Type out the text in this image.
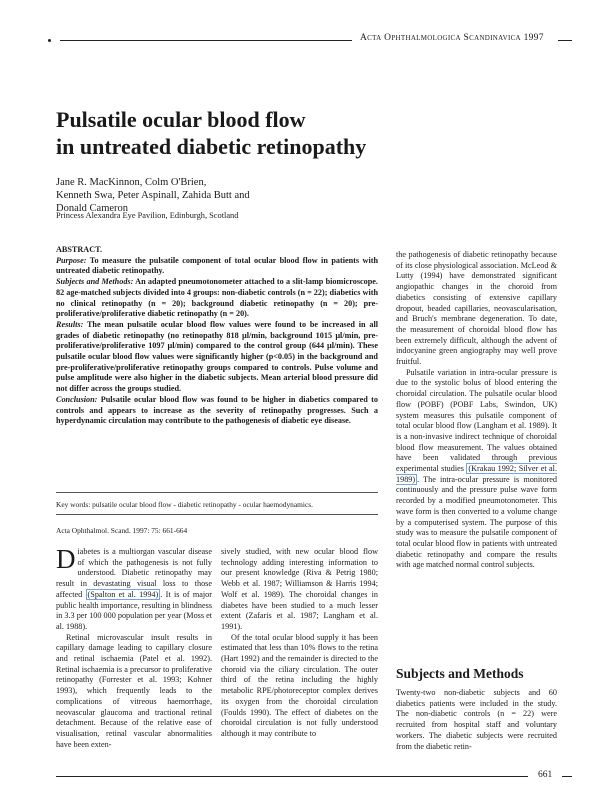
Acta Ophthalmologica Scandinavica 1997
Pulsatile ocular blood flow
in untreated diabetic retinopathy
Jane R. MacKinnon, Colm O'Brien,
Kenneth Swa, Peter Aspinall, Zahida Butt and
Donald Cameron
Princess Alexandra Eye Pavilion, Edinburgh, Scotland

ABSTRACT.

Purpose: To measure the pulsatile component of total ocular blood flow in patients with untreated diabetic retinopathy.

Subjects and Methods: An adapted pneumotonometer attached to a slit-lamp biomicroscope. 82 age-matched subjects divided into 4 groups: non-diabetic controls (n = 22); diabetics with no clinical retinopathy (n = 20); background diabetic retinopathy (n = 20); pre-proliferative/proliferative diabetic retinopathy (n = 20).

Results: The mean pulsatile ocular blood flow values were found to be increased in all grades of diabetic retinopathy (no retinopathy 818 µl/min, background 1015 µl/min, pre-proliferative/proliferative 1097 µl/min) compared to the control group (644 µl/min). These pulsatile ocular blood flow values were significantly higher (p<0.05) in the background and pre-proliferative/proliferative retinopathy groups compared to controls. Pulse volume and pulse amplitude were also higher in the diabetic subjects. Mean arterial blood pressure did not differ across the groups studied.

Conclusion: Pulsatile ocular blood flow was found to be higher in diabetics compared to controls and appears to increase as the severity of retinopathy progresses. Such a hyperdynamic circulation may contribute to the pathogenesis of diabetic eye disease.

Key words: pulsatile ocular blood flow - diabetic retinopathy - ocular haemodynamics.
Acta Ophthalmol. Scand. 1997: 75: 661-664

Diabetes is a multiorgan vascular disease of which the pathogenesis is not fully understood. Diabetic retinopathy may result in devastating visual loss to those affected (Spalton et al. 1994) . It is of major public health importance, resulting in blindness in 3.3 per 100 000 population per year (Moss et al. 1988).

Retinal microvascular insult results in capillary damage leading to capillary closure and retinal ischaemia (Patel et al. 1992). Retinal ischaemia is a precursor to proliferative retinopathy (Forrester et al. 1993; Kohner 1993), which frequently leads to the complications of vitreous haemorrhage, neovascular glaucoma and tractional retinal detachment. Because of the relative ease of visualisation, retinal vascular abnormalities have been exten-

sively studied, with new ocular blood flow technology adding interesting information to our present knowledge (Riva & Petrig 1980; Webb et al. 1987; Williamson & Harris 1994; Wolf et al. 1989). The choroidal changes in diabetes have been studied to a much lesser extent (Zafaris et al. 1987; Langham et al. 1991).

Of the total ocular blood supply it has been estimated that less than 10% flows to the retina (Hart 1992) and the remainder is directed to the choroid via the ciliary circulation. The outer third of the retina including the highly metabolic RPE/photoreceptor complex derives its oxygen from the choroidal circulation (Foulds 1990). The effect of diabetes on the choroidal circulation is not fully understood although it may contribute to

the pathogenesis of diabetic retinopathy because of its close physiological association. McLeod & Lutty (1994) have demonstrated significant angiopathic changes in the choroid from diabetics consisting of extensive capillary dropout, beaded capillaries, neovascularisation, and Bruch's membrane degeneration. To date, the measurement of choroidal blood flow has been extremely difficult, although the advent of indocyanine green angiography may well prove fruitful.

Pulsatile variation in intra-ocular pressure is due to the systolic bolus of blood entering the choroidal circulation. The pulsatile ocular blood flow (POBF) (POBF Labs, Swindon, UK) system measures this pulsatile component of total ocular blood flow (Langham et al. 1989). It is a non-invasive indirect technique of choroidal blood flow measurement. The values obtained have been validated through previous experimental studies (Krakau 1992; Silver et al. 1989) . The intra-ocular pressure is monitored continuously and the pressure pulse wave form recorded by a modified pneumotonometer. This wave form is then converted to a volume change by a computerised system. The purpose of this study was to measure the pulsatile component of total ocular blood flow in patients with untreated diabetic retinopathy and compare the results with age matched normal control subjects.

Subjects and Methods

Twenty-two non-diabetic subjects and 60 diabetics patients were included in the study. The non-diabetic controls (n = 22) were recruited from hospital staff and voluntary workers. The diabetic subjects were recruited from the diabetic retin-

661
